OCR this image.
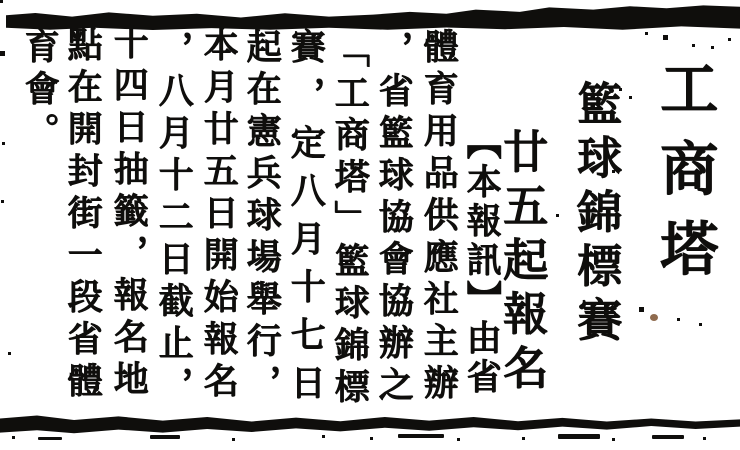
工商塔
籃球錦標賽
廿五起報名
【本報訊】由省
體育用品供應社主辦
，省籃球協會協辦之
「工商塔」籃球錦標
賽，定八月十七日
起在憲兵球場舉行，
本月廿五日開始報名
，八月十二日截止，
十四日抽籤，報名地
點在開封街一段省體
育會。
